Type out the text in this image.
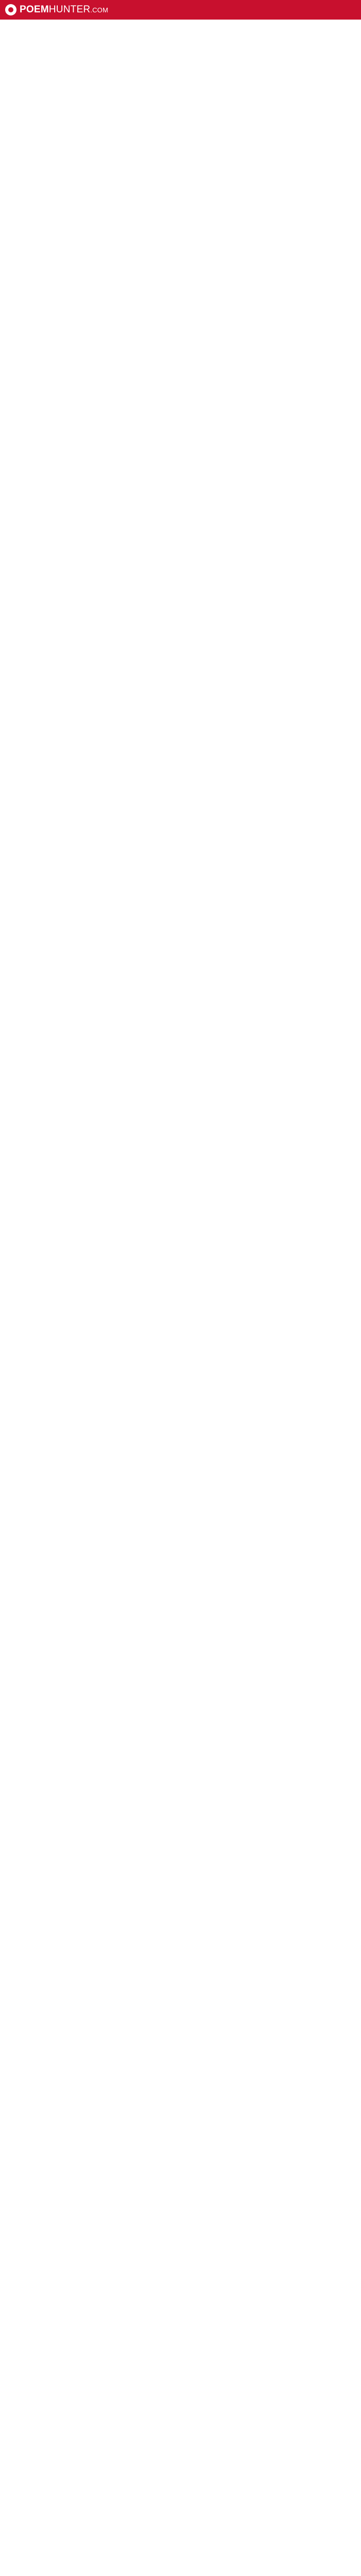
POEMHUNTER.COM
